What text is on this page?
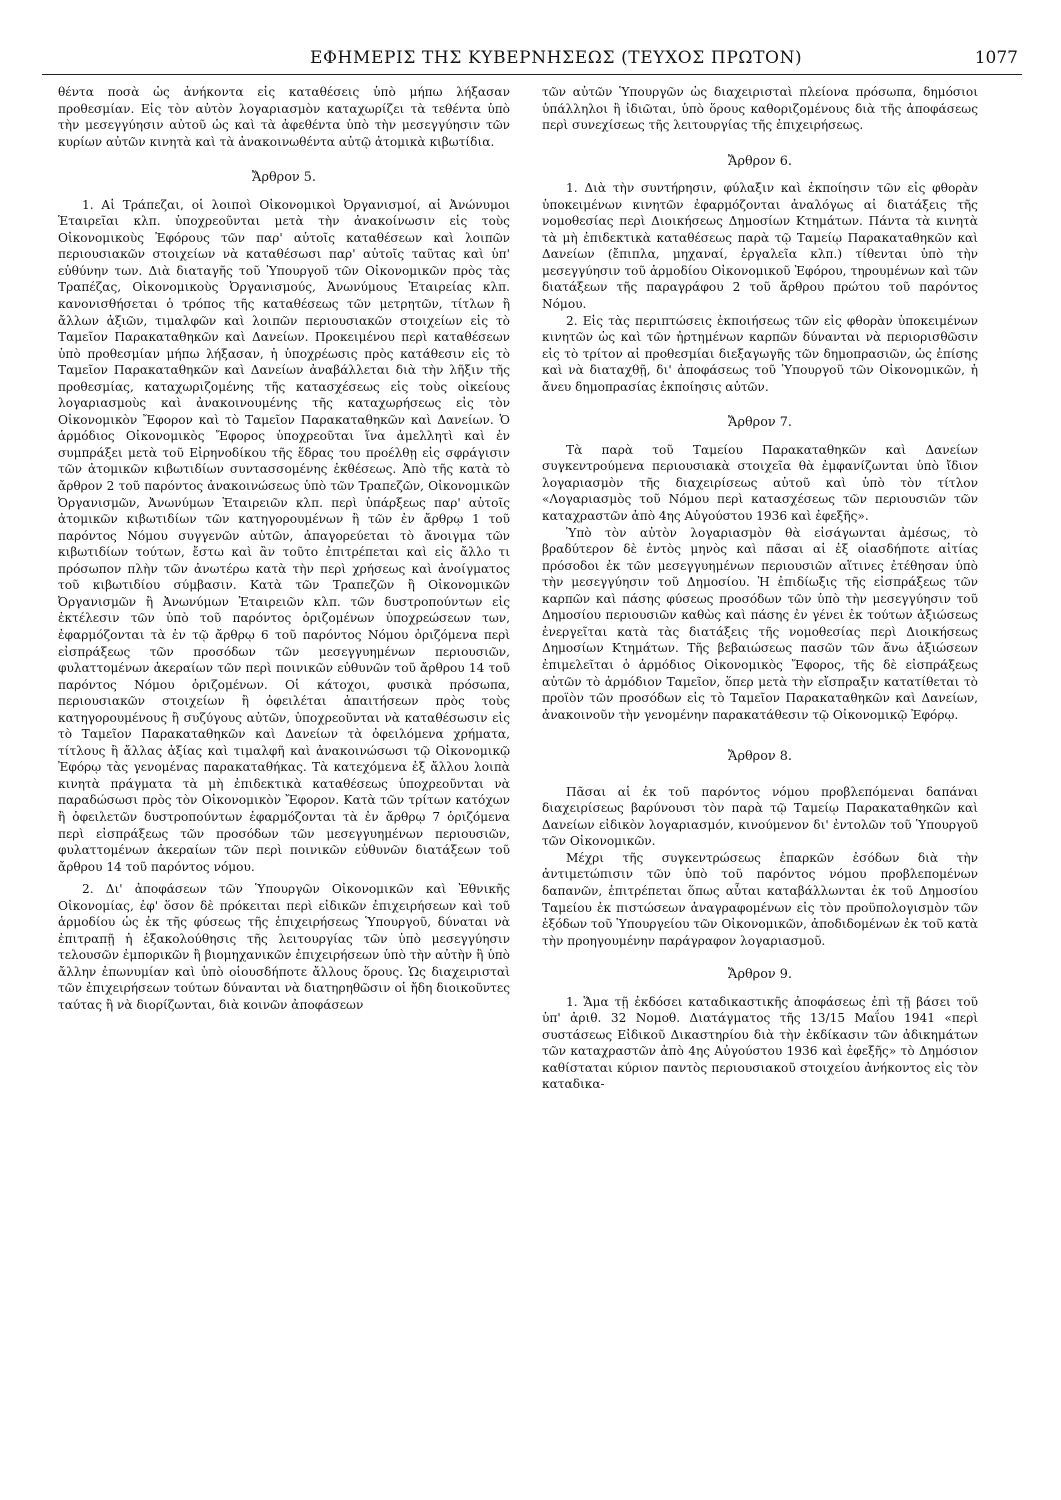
ΕΦΗΜΕΡΙΣ ΤΗΣ ΚΥΒΕΡΝΗΣΕΩΣ (ΤΕΥΧΟΣ ΠΡΩΤΟΝ)	1077

θέντα ποσὰ ὡς ἀνήκοντα εἰς καταθέσεις ὑπὸ μήπω λήξασαν προθεσμίαν. Εἰς τὸν αὐτὸν λογαριασμὸν καταχωρίζει τὰ τεθέντα ὑπὸ τὴν μεσεγγύησιν αὐτοῦ ὡς καὶ τὰ ἀφεθέντα ὑπὸ τὴν μεσεγγύησιν τῶν κυρίων αὐτῶν κινητὰ καὶ τὰ ἀνακοινωθέντα αὐτῷ ἀτομικὰ κιβωτίδια.

Ἄρθρον 5.

1. Αἱ Τράπεζαι, οἱ λοιποὶ Οἰκονομικοὶ Ὀργανισμοί, αἱ Ἀνώνυμοι Ἑταιρεῖαι κλπ. ὑποχρεοῦνται μετὰ τὴν ἀνακοίνωσιν εἰς τοὺς Οἰκονομικοὺς Ἐφόρους τῶν παρ' αὐτοῖς καταθέσεων καὶ λοιπῶν περιουσιακῶν στοιχείων νὰ καταθέσωσι παρ' αὐτοῖς ταῦτας καὶ ὑπ' εὐθύνην των. Διὰ διαταγῆς τοῦ Ὑπουργοῦ τῶν Οἰκονομικῶν πρὸς τὰς Τραπέζας, Οἰκονομικοὺς Ὀργανισμούς, Ἀνωνύμους Ἑταιρείας κλπ. κανονισθήσεται ὁ τρόπος τῆς καταθέσεως τῶν μετρητῶν, τίτλων ἢ ἄλλων ἀξιῶν, τιμαλφῶν καὶ λοιπῶν περιουσιακῶν στοιχείων εἰς τὸ Ταμεῖον Παρακαταθηκῶν καὶ Δανείων. Προκειμένου περὶ καταθέσεων ὑπὸ προθεσμίαν μήπω λήξασαν, ἡ ὑποχρέωσις πρὸς κατάθεσιν εἰς τὸ Ταμεῖον Παρακαταθηκῶν καὶ Δανείων ἀναβάλλεται διὰ τὴν λῆξιν τῆς προθεσμίας, καταχωριζομένης τῆς κατασχέσεως εἰς τοὺς οἰκείους λογαριασμοὺς καὶ ἀνακοινουμένης τῆς καταχωρήσεως εἰς τὸν Οἰκονομικὸν Ἔφορον καὶ τὸ Ταμεῖον Παρακαταθηκῶν καὶ Δανείων. Ὁ ἁρμόδιος Οἰκονομικὸς Ἔφορος ὑποχρεοῦται ἵνα ἀμελλητὶ καὶ ἐν συμπράξει μετὰ τοῦ Εἰρηνοδίκου τῆς ἕδρας του προέλθῃ εἰς σφράγισιν τῶν ἀτομικῶν κιβωτιδίων συντασσομένης ἐκθέσεως. Ἀπὸ τῆς κατὰ τὸ ἄρθρον 2 τοῦ παρόντος ἀνακοινώσεως ὑπὸ τῶν Τραπεζῶν, Οἰκονομικῶν Ὀργανισμῶν, Ἀνωνύμων Ἑταιρειῶν κλπ. περὶ ὑπάρξεως παρ' αὐτοῖς ἀτομικῶν κιβωτιδίων τῶν κατηγορουμένων ἢ τῶν ἐν ἄρθρῳ 1 τοῦ παρόντος Νόμου συγγενῶν αὐτῶν, ἀπαγορεύεται τὸ ἄνοιγμα τῶν κιβωτιδίων τούτων, ἔστω καὶ ἂν τοῦτο ἐπιτρέπεται καὶ εἰς ἄλλο τι πρόσωπον πλὴν τῶν ἀνωτέρω κατὰ τὴν περὶ χρήσεως καὶ ἀνοίγματος τοῦ κιβωτιδίου σύμβασιν. Κατὰ τῶν Τραπεζῶν ἢ Οἰκονομικῶν Ὀργανισμῶν ἢ Ἀνωνύμων Ἑταιρειῶν κλπ. τῶν δυστροπούντων εἰς ἐκτέλεσιν τῶν ὑπὸ τοῦ παρόντος ὁριζομένων ὑποχρεώσεων των, ἐφαρμόζονται τὰ ἐν τῷ ἄρθρῳ 6 τοῦ παρόντος Νόμου ὁριζόμενα περὶ εἰσπράξεως τῶν προσόδων τῶν μεσεγγυημένων περιουσιῶν, φυλαττομένων ἀκεραίων τῶν περὶ ποινικῶν εὐθυνῶν τοῦ ἄρθρου 14 τοῦ παρόντος Νόμου ὁριζομένων. Οἱ κάτοχοι, φυσικὰ πρόσωπα, περιουσιακῶν στοιχείων ἢ ὀφειλέται ἀπαιτήσεων πρὸς τοὺς κατηγορουμένους ἢ συζύγους αὐτῶν, ὑποχρεοῦνται νὰ καταθέσωσιν εἰς τὸ Ταμεῖον Παρακαταθηκῶν καὶ Δανείων τὰ ὀφειλόμενα χρήματα, τίτλους ἢ ἄλλας ἀξίας καὶ τιμαλφῆ καὶ ἀνακοινώσωσι τῷ Οἰκονομικῷ Ἐφόρῳ τὰς γενομένας παρακαταθήκας. Τὰ κατεχόμενα ἐξ ἄλλου λοιπὰ κινητὰ πράγματα τὰ μὴ ἐπιδεκτικὰ καταθέσεως ὑποχρεοῦνται νὰ παραδώσωσι πρὸς τὸν Οἰκονομικὸν Ἔφορον. Κατὰ τῶν τρίτων κατόχων ἢ ὀφειλετῶν δυστροπούντων ἐφαρμόζονται τὰ ἐν ἄρθρῳ 7 ὁριζόμενα περὶ εἰσπράξεως τῶν προσόδων τῶν μεσεγγυημένων περιουσιῶν, φυλαττομένων ἀκεραίων τῶν περὶ ποινικῶν εὐθυνῶν διατάξεων τοῦ ἄρθρου 14 τοῦ παρόντος νόμου.

2. Δι' ἀποφάσεων τῶν Ὑπουργῶν Οἰκονομικῶν καὶ Ἐθνικῆς Οἰκονομίας, ἐφ' ὅσον δὲ πρόκειται περὶ εἰδικῶν ἐπιχειρήσεων καὶ τοῦ ἁρμοδίου ὡς ἐκ τῆς φύσεως τῆς ἐπιχειρήσεως Ὑπουργοῦ, δύναται νὰ ἐπιτραπῇ ἡ ἐξακολούθησις τῆς λειτουργίας τῶν ὑπὸ μεσεγγύησιν τελουσῶν ἐμπορικῶν ἢ βιομηχανικῶν ἐπιχειρήσεων ὑπὸ τὴν αὐτὴν ἢ ὑπὸ ἄλλην ἐπωνυμίαν καὶ ὑπὸ οἱουσδήποτε ἄλλους ὅρους. Ὡς διαχειρισταὶ τῶν ἐπιχειρήσεων τούτων δύνανται νὰ διατηρηθῶσιν οἱ ἤδη διοικοῦντες ταύτας ἢ νὰ διορίζωνται, διὰ κοινῶν ἀποφάσεων

τῶν αὐτῶν Ὑπουργῶν ὡς διαχειρισταὶ πλείονα πρόσωπα, δημόσιοι ὑπάλληλοι ἢ ἰδιῶται, ὑπὸ ὅρους καθοριζομένους διὰ τῆς ἀποφάσεως περὶ συνεχίσεως τῆς λειτουργίας τῆς ἐπιχειρήσεως.

Ἄρθρον 6.

1. Διὰ τὴν συντήρησιν, φύλαξιν καὶ ἐκποίησιν τῶν εἰς φθορὰν ὑποκειμένων κινητῶν ἐφαρμόζονται ἀναλόγως αἱ διατάξεις τῆς νομοθεσίας περὶ Διοικήσεως Δημοσίων Κτημάτων. Πάντα τὰ κινητὰ τὰ μὴ ἐπιδεκτικὰ καταθέσεως παρὰ τῷ Ταμείῳ Παρακαταθηκῶν καὶ Δανείων (ἔπιπλα, μηχαναί, ἐργαλεῖα κλπ.) τίθενται ὑπὸ τὴν μεσεγγύησιν τοῦ ἁρμοδίου Οἰκονομικοῦ Ἐφόρου, τηρουμένων καὶ τῶν διατάξεων τῆς παραγράφου 2 τοῦ ἄρθρου πρώτου τοῦ παρόντος Νόμου.

2. Εἰς τὰς περιπτώσεις ἐκποιήσεως τῶν εἰς φθορὰν ὑποκειμένων κινητῶν ὡς καὶ τῶν ἠρτημένων καρπῶν δύνανται νὰ περιορισθῶσιν εἰς τὸ τρίτον αἱ προθεσμίαι διεξαγωγῆς τῶν δημοπρασιῶν, ὡς ἐπίσης καὶ νὰ διαταχθῇ, δι' ἀποφάσεως τοῦ Ὑπουργοῦ τῶν Οἰκονομικῶν, ἡ ἄνευ δημοπρασίας ἐκποίησις αὐτῶν.

Ἄρθρον 7.

Τὰ παρὰ τοῦ Ταμείου Παρακαταθηκῶν καὶ Δανείων συγκεντρούμενα περιουσιακὰ στοιχεῖα θὰ ἐμφανίζωνται ὑπὸ ἴδιον λογαριασμὸν τῆς διαχειρίσεως αὐτοῦ καὶ ὑπὸ τὸν τίτλον «Λογαριασμὸς τοῦ Νόμου περὶ κατασχέσεως τῶν περιουσιῶν τῶν καταχραστῶν ἀπὸ 4ης Αὐγούστου 1936 καὶ ἐφεξῆς».

Ὑπὸ τὸν αὐτὸν λογαριασμὸν θὰ εἰσάγωνται ἀμέσως, τὸ βραδύτερον δὲ ἐντὸς μηνὸς καὶ πᾶσαι αἱ ἐξ οἱασδήποτε αἰτίας πρόσοδοι ἐκ τῶν μεσεγγυημένων περιουσιῶν αἵτινες ἐτέθησαν ὑπὸ τὴν μεσεγγύησιν τοῦ Δημοσίου. Ἡ ἐπιδίωξις τῆς εἰσπράξεως τῶν καρπῶν καὶ πάσης φύσεως προσόδων τῶν ὑπὸ τὴν μεσεγγύησιν τοῦ Δημοσίου περιουσιῶν καθὼς καὶ πάσης ἐν γένει ἐκ τούτων ἀξιώσεως ἐνεργεῖται κατὰ τὰς διατάξεις τῆς νομοθεσίας περὶ Διοικήσεως Δημοσίων Κτημάτων. Τῆς βεβαιώσεως πασῶν τῶν ἄνω ἀξιώσεων ἐπιμελεῖται ὁ ἁρμόδιος Οἰκονομικὸς Ἔφορος, τῆς δὲ εἰσπράξεως αὐτῶν τὸ ἁρμόδιον Ταμεῖον, ὅπερ μετὰ τὴν εἴσπραξιν κατατίθεται τὸ προϊὸν τῶν προσόδων εἰς τὸ Ταμεῖον Παρακαταθηκῶν καὶ Δανείων, ἀνακοινοῦν τὴν γενομένην παρακατάθεσιν τῷ Οἰκονομικῷ Ἐφόρῳ.

Ἄρθρον 8.

Πᾶσαι αἱ ἐκ τοῦ παρόντος νόμου προβλεπόμεναι δαπάναι διαχειρίσεως βαρύνουσι τὸν παρὰ τῷ Ταμείῳ Παρακαταθηκῶν καὶ Δανείων εἰδικὸν λογαριασμόν, κινούμενον δι' ἐντολῶν τοῦ Ὑπουργοῦ τῶν Οἰκονομικῶν.

Μέχρι τῆς συγκεντρώσεως ἐπαρκῶν ἐσόδων διὰ τὴν ἀντιμετώπισιν τῶν ὑπὸ τοῦ παρόντος νόμου προβλεπομένων δαπανῶν, ἐπιτρέπεται ὅπως αὗται καταβάλλωνται ἐκ τοῦ Δημοσίου Ταμείου ἐκ πιστώσεων ἀναγραφομένων εἰς τὸν προϋπολογισμὸν τῶν ἐξόδων τοῦ Ὑπουργείου τῶν Οἰκονομικῶν, ἀποδιδομένων ἐκ τοῦ κατὰ τὴν προηγουμένην παράγραφον λογαριασμοῦ.

Ἄρθρον 9.

1. Ἅμα τῇ ἐκδόσει καταδικαστικῆς ἀποφάσεως ἐπὶ τῇ βάσει τοῦ ὑπ' ἀριθ. 32 Νομοθ. Διατάγματος τῆς 13/15 Μαΐου 1941 «περὶ συστάσεως Εἰδικοῦ Δικαστηρίου διὰ τὴν ἐκδίκασιν τῶν ἀδικημάτων τῶν καταχραστῶν ἀπὸ 4ης Αὐγούστου 1936 καὶ ἐφεξῆς» τὸ Δημόσιον καθίσταται κύριον παντὸς περιουσιακοῦ στοιχείου ἀνήκοντος εἰς τὸν καταδικα-
